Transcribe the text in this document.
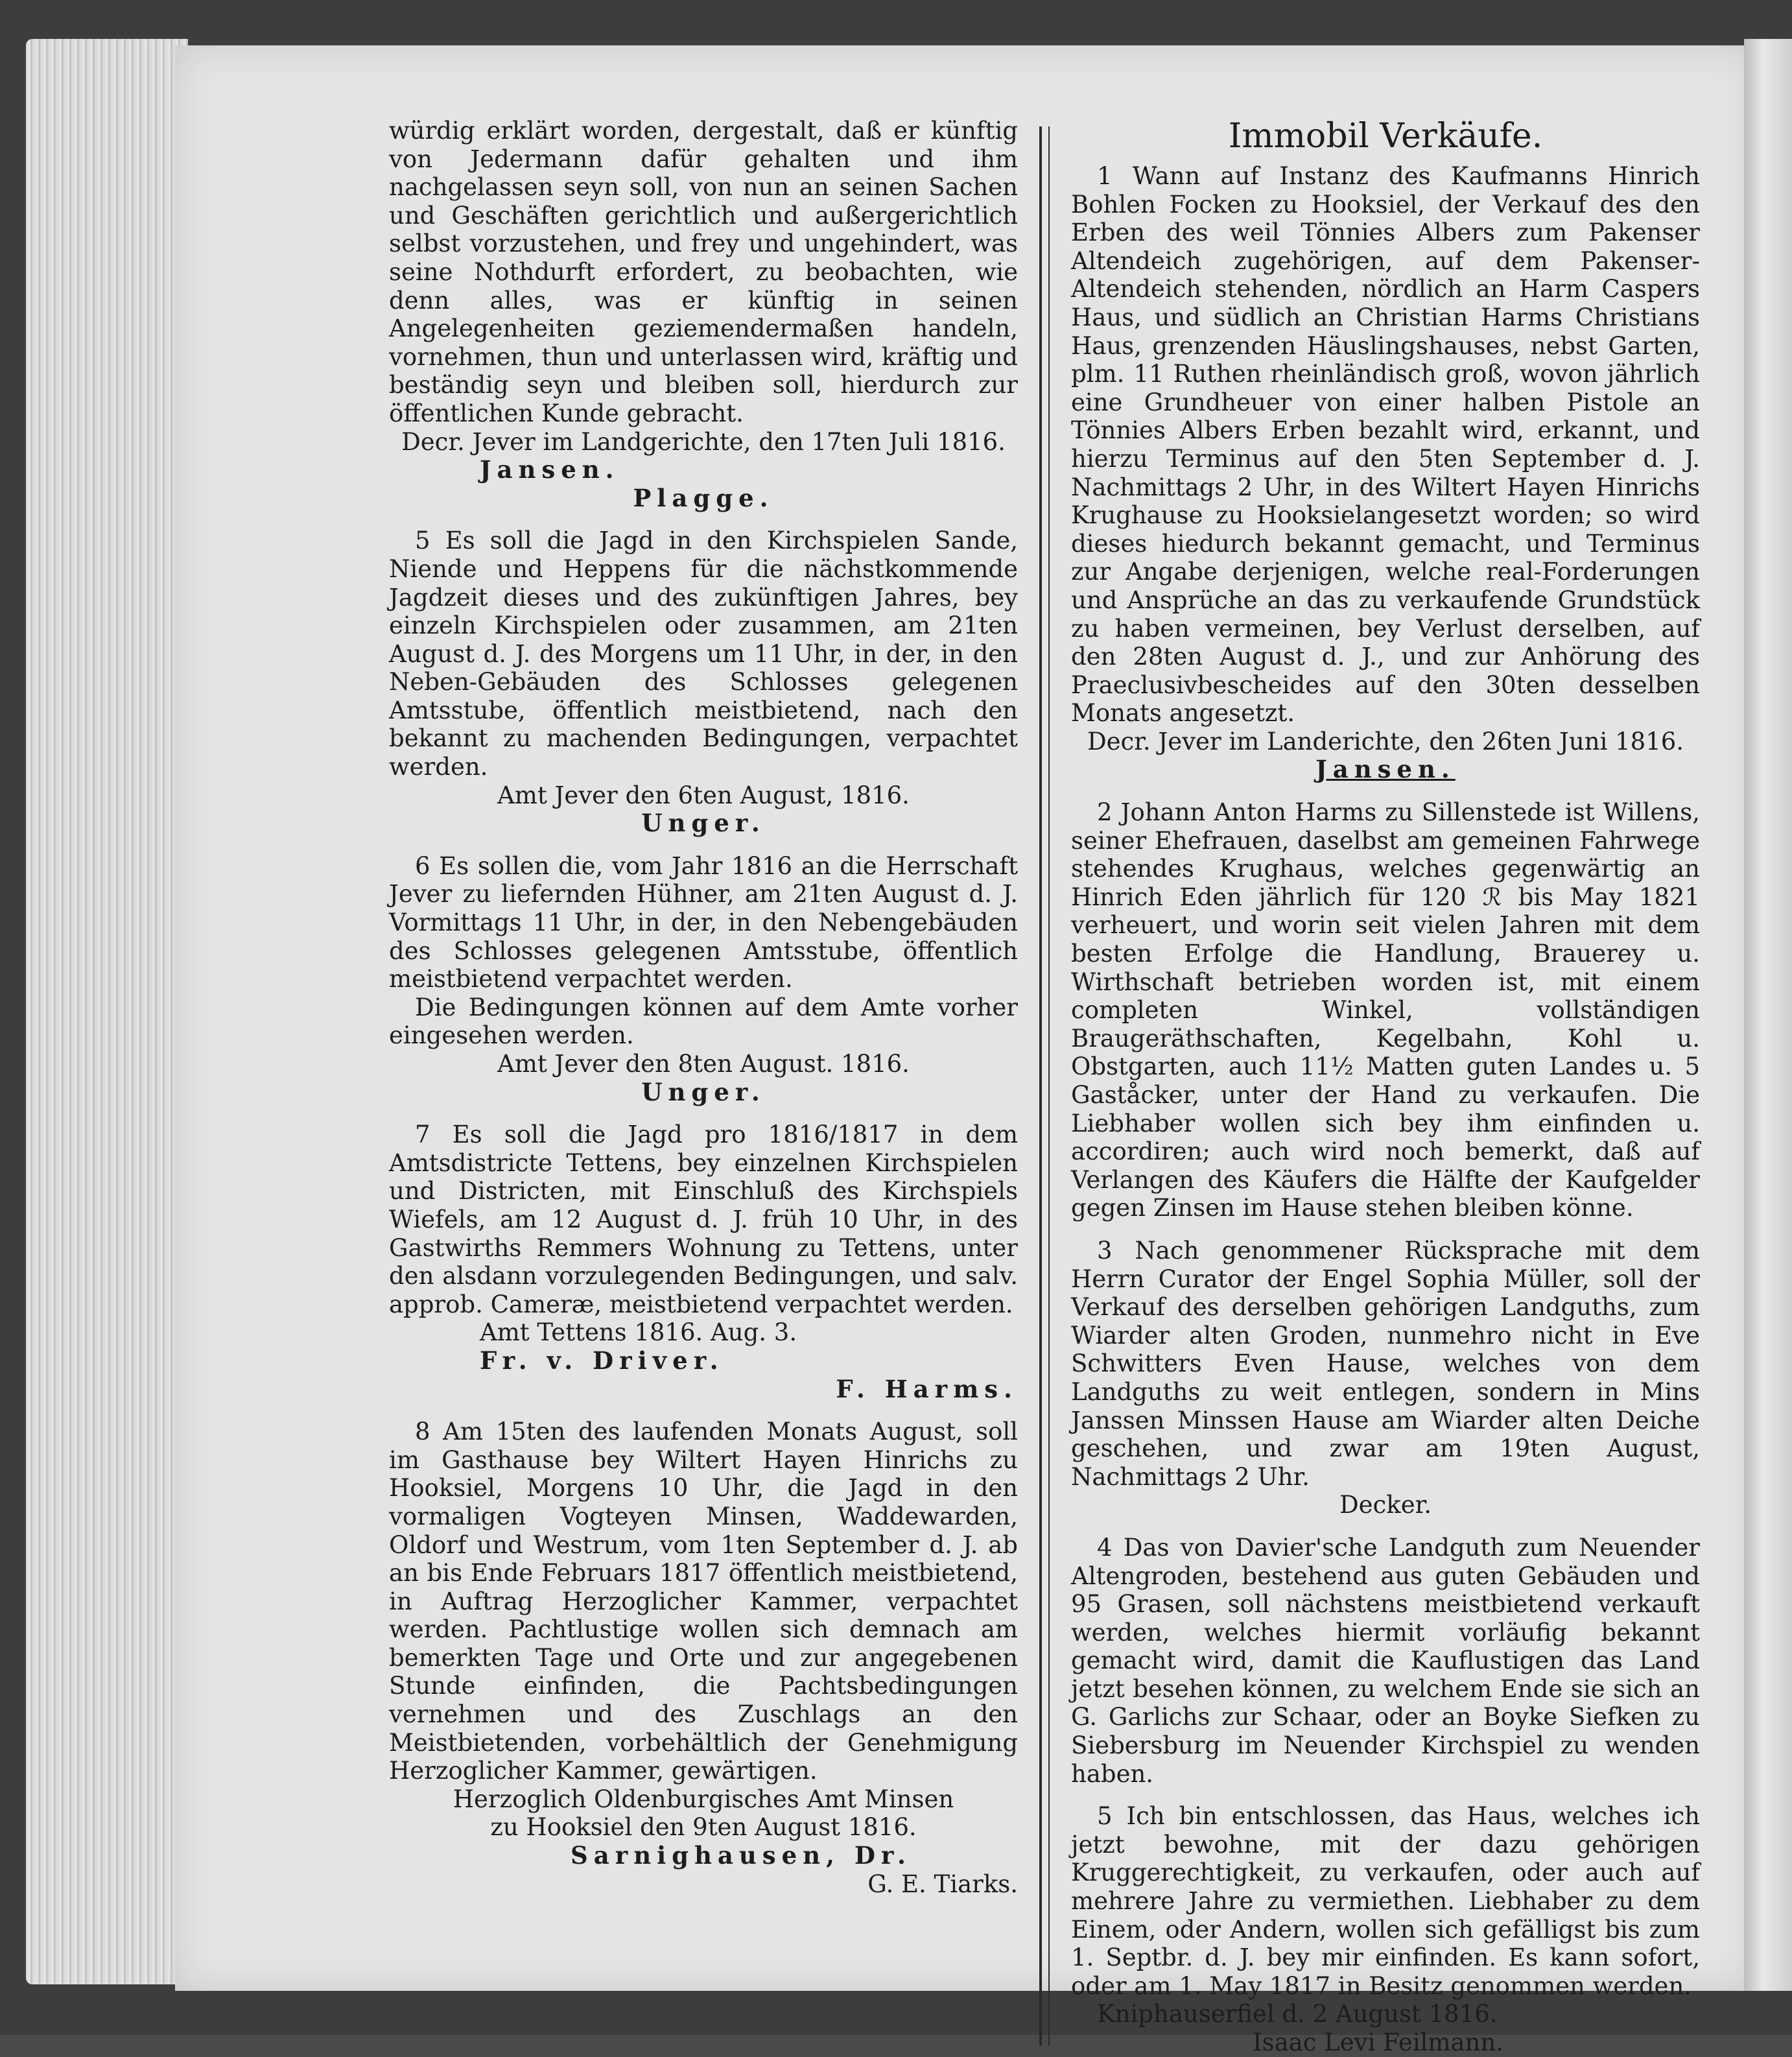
würdig erklärt worden, dergestalt, daß er künftig von Jedermann dafür gehalten und ihm nachgelassen seyn soll, von nun an seinen Sachen und Geschäften gerichtlich und außergerichtlich selbst vorzustehen, und frey und ungehindert, was seine Nothdurft erfordert, zu beobachten, wie denn alles, was er künftig in seinen Angelegenheiten geziemendermaßen handeln, vornehmen, thun und unterlassen wird, kräftig und beständig seyn und bleiben soll, hierdurch zur öffentlichen Kunde gebracht.

Decr. Jever im Landgerichte, den 17ten Juli 1816.

Jansen.

Plagge.

5 Es soll die Jagd in den Kirchspielen Sande, Niende und Heppens für die nächstkommende Jagdzeit dieses und des zukünftigen Jahres, bey einzeln Kirchspielen oder zusammen, am 21ten August d. J. des Morgens um 11 Uhr, in der, in den Neben-Gebäuden des Schlosses gelegenen Amtsstube, öffentlich meistbietend, nach den bekannt zu machenden Bedingungen, verpachtet werden.

Amt Jever den 6ten August, 1816.

Unger.

6 Es sollen die, vom Jahr 1816 an die Herrschaft Jever zu liefernden Hühner, am 21ten August d. J. Vormittags 11 Uhr, in der, in den Nebengebäuden des Schlosses gelegenen Amtsstube, öffentlich meistbietend verpachtet werden.

Die Bedingungen können auf dem Amte vorher eingesehen werden.

Amt Jever den 8ten August. 1816.

Unger.

7 Es soll die Jagd pro 1816/1817 in dem Amtsdistricte Tettens, bey einzelnen Kirchspielen und Districten, mit Einschluß des Kirchspiels Wiefels, am 12 August d. J. früh 10 Uhr, in des Gastwirths Remmers Wohnung zu Tettens, unter den alsdann vorzulegenden Bedingungen, und salv. approb. Cameræ, meistbietend verpachtet werden.

Amt Tettens 1816. Aug. 3.

Fr. v. Driver.

F. Harms.

8 Am 15ten des laufenden Monats August, soll im Gasthause bey Wiltert Hayen Hinrichs zu Hooksiel, Morgens 10 Uhr, die Jagd in den vormaligen Vogteyen Minsen, Waddewarden, Oldorf und Westrum, vom 1ten September d. J. ab an bis Ende Februars 1817 öffentlich meistbietend, in Auftrag Herzoglicher Kammer, verpachtet werden. Pachtlustige wollen sich demnach am bemerkten Tage und Orte und zur angegebenen Stunde einfinden, die Pachtsbedingungen vernehmen und des Zuschlags an den Meistbietenden, vorbehältlich der Genehmigung Herzoglicher Kammer, gewärtigen.

Herzoglich Oldenburgisches Amt Minsen

zu Hooksiel den 9ten August 1816.

Sarnighausen, Dr.

G. E. Tiarks.

Immobil Verkäufe.

1 Wann auf Instanz des Kaufmanns Hinrich Bohlen Focken zu Hooksiel, der Verkauf des den Erben des weil Tönnies Albers zum Pakenser Altendeich zugehörigen, auf dem Pakenser-Altendeich stehenden, nördlich an Harm Caspers Haus, und südlich an Christian Harms Christians Haus, grenzenden Häuslingshauses, nebst Garten, plm. 11 Ruthen rheinländisch groß, wovon jährlich eine Grundheuer von einer halben Pistole an Tönnies Albers Erben bezahlt wird, erkannt, und hierzu Terminus auf den 5ten September d. J. Nachmittags 2 Uhr, in des Wiltert Hayen Hinrichs Krughause zu Hooksielangesetzt worden; so wird dieses hiedurch bekannt gemacht, und Terminus zur Angabe derjenigen, welche real-Forderungen und Ansprüche an das zu verkaufende Grundstück zu haben vermeinen, bey Verlust derselben, auf den 28ten August d. J., und zur Anhörung des Praeclusivbescheides auf den 30ten desselben Monats angesetzt.

Decr. Jever im Landerichte, den 26ten Juni 1816.

Jansen.

2 Johann Anton Harms zu Sillenstede ist Willens, seiner Ehefrauen, daselbst am gemeinen Fahrwege stehendes Krughaus, welches gegenwärtig an Hinrich Eden jährlich für 120 ℛ bis May 1821 verheuert, und worin seit vielen Jahren mit dem besten Erfolge die Handlung, Brauerey u. Wirthschaft betrieben worden ist, mit einem completen Winkel, vollständigen Braugeräthschaften, Kegelbahn, Kohl u. Obstgarten, auch 11½ Matten guten Landes u. 5 Gaståcker, unter der Hand zu verkaufen. Die Liebhaber wollen sich bey ihm einfinden u. accordiren; auch wird noch bemerkt, daß auf Verlangen des Käufers die Hälfte der Kaufgelder gegen Zinsen im Hause stehen bleiben könne.

3 Nach genommener Rücksprache mit dem Herrn Curator der Engel Sophia Müller, soll der Verkauf des derselben gehörigen Landguths, zum Wiarder alten Groden, nunmehro nicht in Eve Schwitters Even Hause, welches von dem Landguths zu weit entlegen, sondern in Mins Janssen Minssen Hause am Wiarder alten Deiche geschehen, und zwar am 19ten August, Nachmittags 2 Uhr.

Decker.

4 Das von Davier'sche Landguth zum Neuender Altengroden, bestehend aus guten Gebäuden und 95 Grasen, soll nächstens meistbietend verkauft werden, welches hiermit vorläufig bekannt gemacht wird, damit die Kauflustigen das Land jetzt besehen können, zu welchem Ende sie sich an G. Garlichs zur Schaar, oder an Boyke Siefken zu Siebersburg im Neuender Kirchspiel zu wenden haben.

5 Ich bin entschlossen, das Haus, welches ich jetzt bewohne, mit der dazu gehörigen Kruggerechtigkeit, zu verkaufen, oder auch auf mehrere Jahre zu vermiethen. Liebhaber zu dem Einem, oder Andern, wollen sich gefälligst bis zum 1. Septbr. d. J. bey mir einfinden. Es kann sofort, oder am 1. May 1817 in Besitz genommen werden.

Kniphauserfiel d. 2 August 1816.

Isaac Levi Feilmann.
